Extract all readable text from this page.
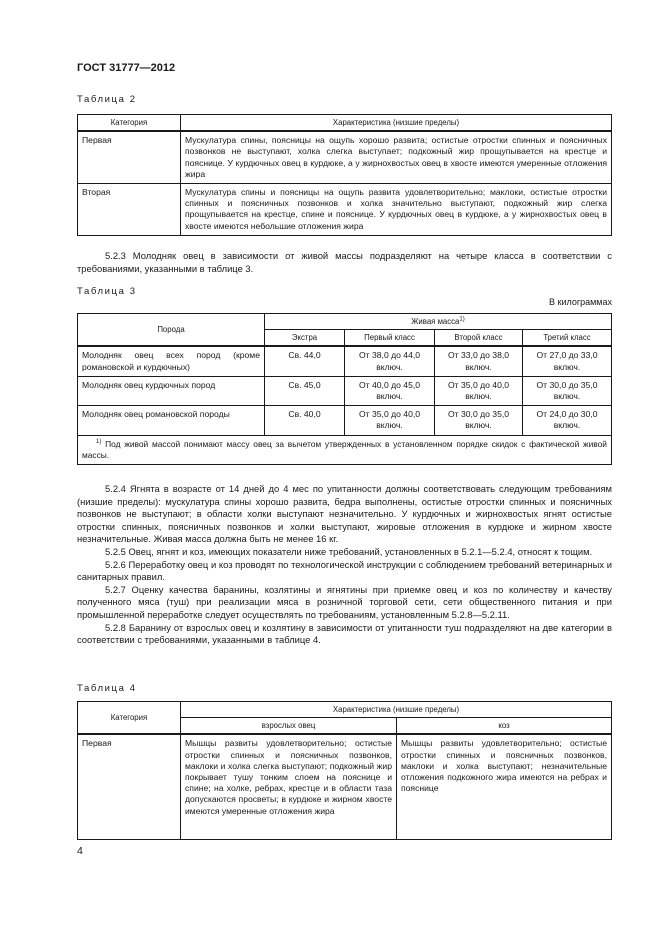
ГОСТ 31777—2012
Таблица 2
Категория	Характеристика (низшие пределы)
Первая	Мускулатура спины, поясницы на ощупь хорошо развита; остистые отростки спинных и поясничных позвонков не выступают, холка слегка выступает; подкожный жир прощупывается на крестце и пояснице. У курдючных овец в курдюке, а у жирнохвостых овец в хвосте имеются умеренные отложения жира
Вторая	Мускулатура спины и поясницы на ощупь развита удовлетворительно; маклоки, остистые отростки спинных и поясничных позвонков и холка значительно выступают, подкожный жир слегка прощупывается на крестце, спине и пояснице. У курдючных овец в курдюке, а у жирнохвостых овец в хвосте имеются небольшие отложения жира

5.2.3 Молодняк овец в зависимости от живой массы подразделяют на четыре класса в соответствии с требованиями, указанными в таблице 3.

Таблица 3
В килограммах
Порода	Живая масса$^{1)}$
	Экстра	Первый класс	Второй класс	Третий класс
Молодняк овец всех пород (кроме романовской и курдючных)	Св. 44,0	От 38,0 до 44,0 включ.	От 33,0 до 38,0 включ.	От 27,0 до 33,0 включ.
Молодняк овец курдючных пород	Св. 45,0	От 40,0 до 45,0 включ.	От 35,0 до 40,0 включ.	От 30,0 до 35,0 включ.
Молодняк овец романовской породы	Св. 40,0	От 35,0 до 40,0 включ.	От 30,0 до 35,0 включ.	От 24,0 до 30,0 включ.
$^{1)}$ Под живой массой понимают массу овец за вычетом утвержденных в установленном порядке скидок с фактической живой массы.				

5.2.4 Ягнята в возрасте от 14 дней до 4 мес по упитанности должны соответствовать следующим требованиям (низшие пределы): мускулатура спины хорошо развита, бедра выполнены, остистые отростки спинных и поясничных позвонков не выступают; в области холки выступают незначительно. У курдючных и жирнохвостых ягнят остистые отростки спинных, поясничных позвонков и холки выступают, жировые отложения в курдюке и жирном хвосте незначительные. Живая масса должна быть не менее 16 кг.

5.2.5 Овец, ягнят и коз, имеющих показатели ниже требований, установленных в 5.2.1—5.2.4, относят к тощим.

5.2.6 Переработку овец и коз проводят по технологической инструкции с соблюдением требований ветеринарных и санитарных правил.

5.2.7 Оценку качества баранины, козлятины и ягнятины при приемке овец и коз по количеству и качеству полученного мяса (туш) при реализации мяса в розничной торговой сети, сети общественного питания и при промышленной переработке следует осуществлять по требованиям, установленным 5.2.8—5.2.11.

5.2.8 Баранину от взрослых овец и козлятину в зависимости от упитанности туш подразделяют на две категории в соответствии с требованиями, указанными в таблице 4.

Таблица 4
Категория	Характеристика (низшие пределы)	
	взрослых овец	коз
Первая	Мышцы развиты удовлетворительно; остистые отростки спинных и поясничных позвонков, маклоки и холка слегка выступают; подкожный жир покрывает тушу тонким слоем на пояснице и спине; на холке, ребрах, крестце и в области таза допускаются просветы; в курдюке и жирном хвосте имеются умеренные отложения жира	Мышцы развиты удовлетворительно; остистые отростки спинных и поясничных позвонков, маклоки и холка выступают; незначительные отложения подкожного жира имеются на ребрах и пояснице
4
